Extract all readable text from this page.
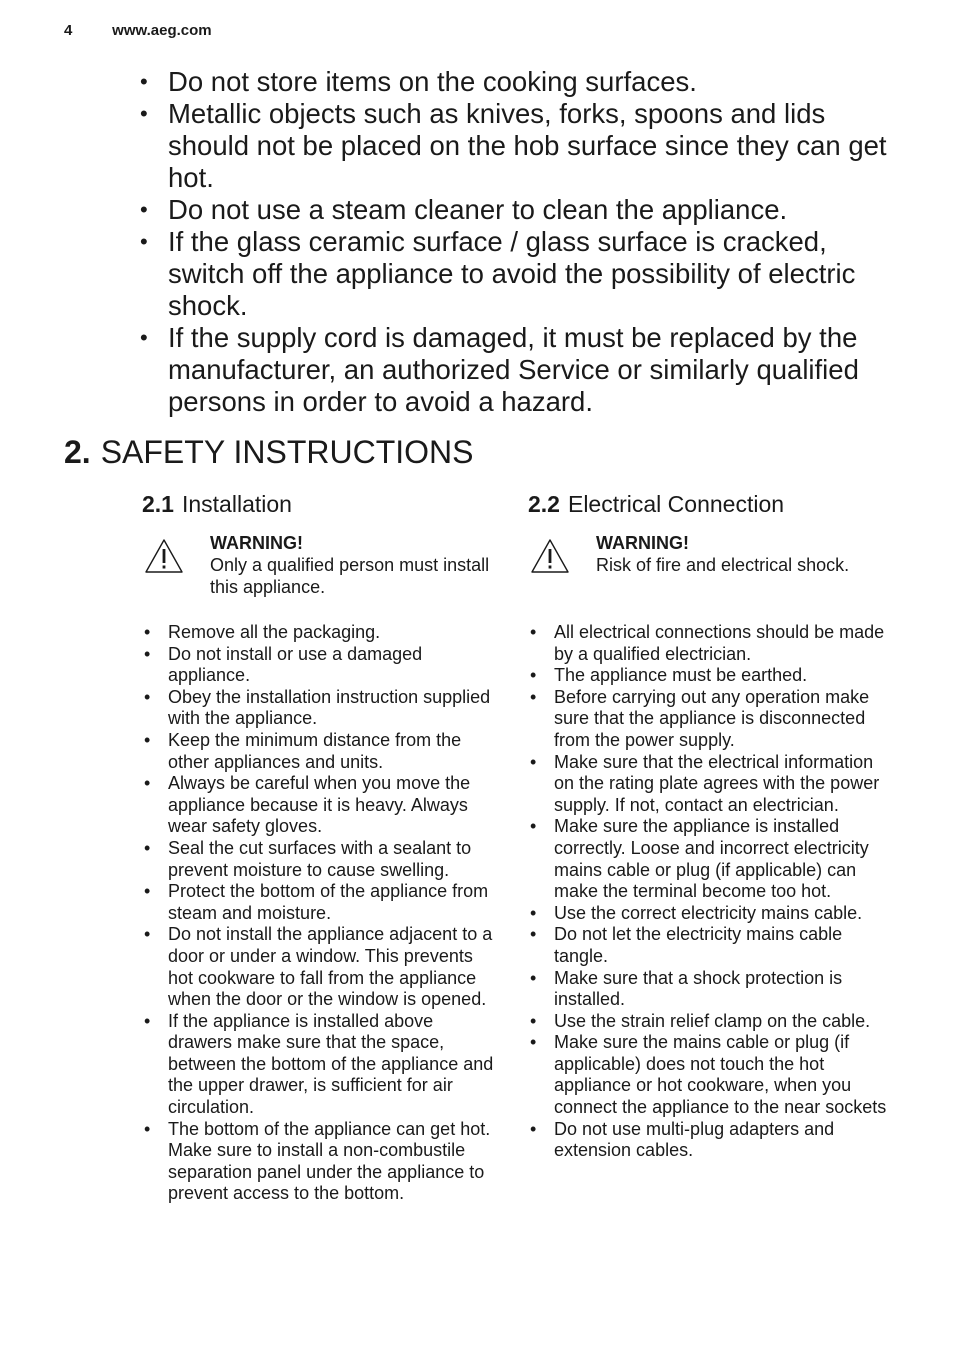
4	www.aeg.com
• Do not store items on the cooking surfaces.
• Metallic objects such as knives, forks, spoons and lids should not be placed on the hob surface since they can get hot.
• Do not use a steam cleaner to clean the appliance.
• If the glass ceramic surface / glass surface is cracked, switch off the appliance to avoid the possibility of electric shock.
• If the supply cord is damaged, it must be replaced by the manufacturer, an authorized Service or similarly qualified persons in order to avoid a hazard.
2. SAFETY INSTRUCTIONS
2.1 Installation
WARNING!
Only a qualified person must install this appliance.
• Remove all the packaging.
• Do not install or use a damaged appliance.
• Obey the installation instruction supplied with the appliance.
• Keep the minimum distance from the other appliances and units.
• Always be careful when you move the appliance because it is heavy. Always wear safety gloves.
• Seal the cut surfaces with a sealant to prevent moisture to cause swelling.
• Protect the bottom of the appliance from steam and moisture.
• Do not install the appliance adjacent to a door or under a window. This prevents hot cookware to fall from the appliance when the door or the window is opened.
• If the appliance is installed above drawers make sure that the space, between the bottom of the appliance and the upper drawer, is sufficient for air circulation.
• The bottom of the appliance can get hot. Make sure to install a non-combustile separation panel under the appliance to prevent access to the bottom.
2.2 Electrical Connection
WARNING!
Risk of fire and electrical shock.
• All electrical connections should be made by a qualified electrician.
• The appliance must be earthed.
• Before carrying out any operation make sure that the appliance is disconnected from the power supply.
• Make sure that the electrical information on the rating plate agrees with the power supply. If not, contact an electrician.
• Make sure the appliance is installed correctly. Loose and incorrect electricity mains cable or plug (if applicable) can make the terminal become too hot.
• Use the correct electricity mains cable.
• Do not let the electricity mains cable tangle.
• Make sure that a shock protection is installed.
• Use the strain relief clamp on the cable.
• Make sure the mains cable or plug (if applicable) does not touch the hot appliance or hot cookware, when you connect the appliance to the near sockets
• Do not use multi-plug adapters and extension cables.
